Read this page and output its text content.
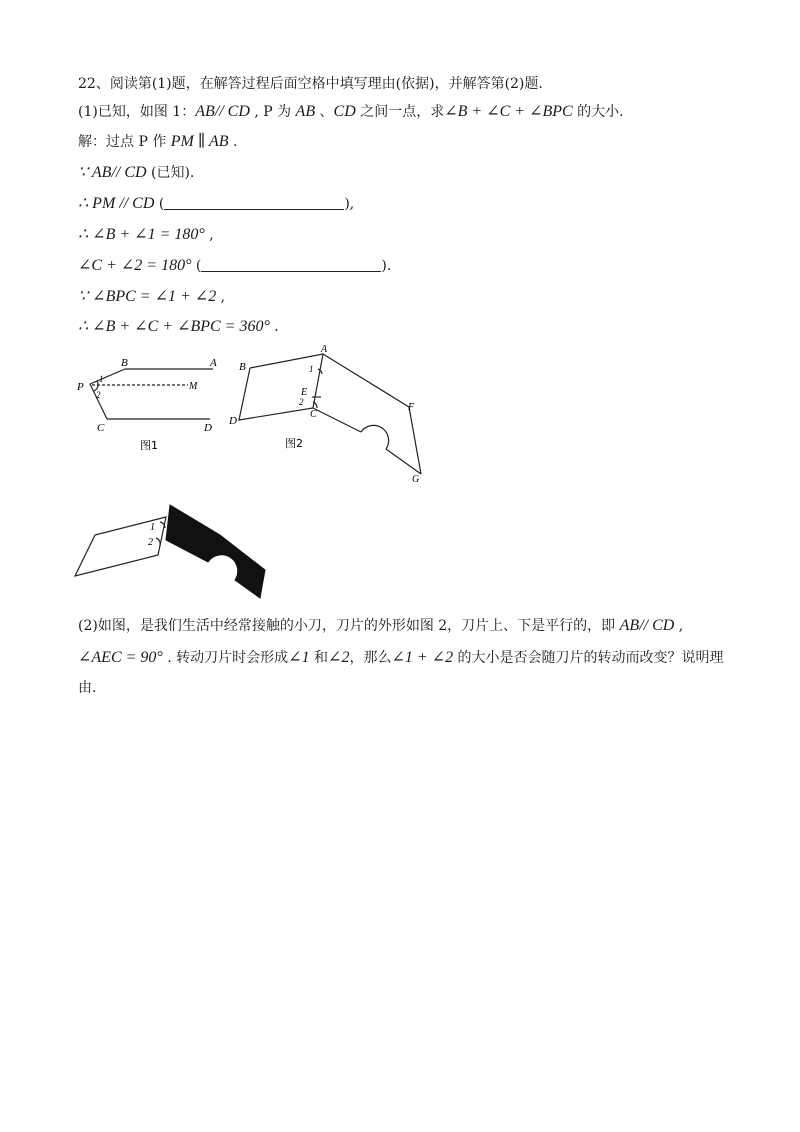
22、阅读第(1)题，在解答过程后面空格中填写理由(依据)，并解答第(2)题.
(1)已知，如图 1：AB// CD , P 为 AB 、CD 之间一点，求∠B + ∠C + ∠BPC 的大小.
解：过点 P 作 PM ∥ AB .
∵ AB// CD (已知).
∴ PM // CD (	),
∴ ∠B + ∠1 = 180° ,
∠C + ∠2 = 180° (	).
∵ ∠BPC = ∠1 + ∠2 ,
∴ ∠B + ∠C + ∠BPC = 360° .
B	A
P	M
C	D
1
2
图1
A
B
E
1
2
C
D
F
G
图2
1
2
(2)如图，是我们生活中经常接触的小刀，刀片的外形如图 2，刀片上、下是平行的，即 AB// CD ,
∠AEC = 90° . 转动刀片时会形成∠1 和∠2，那么∠1 + ∠2 的大小是否会随刀片的转动而改变？说明理
由.
